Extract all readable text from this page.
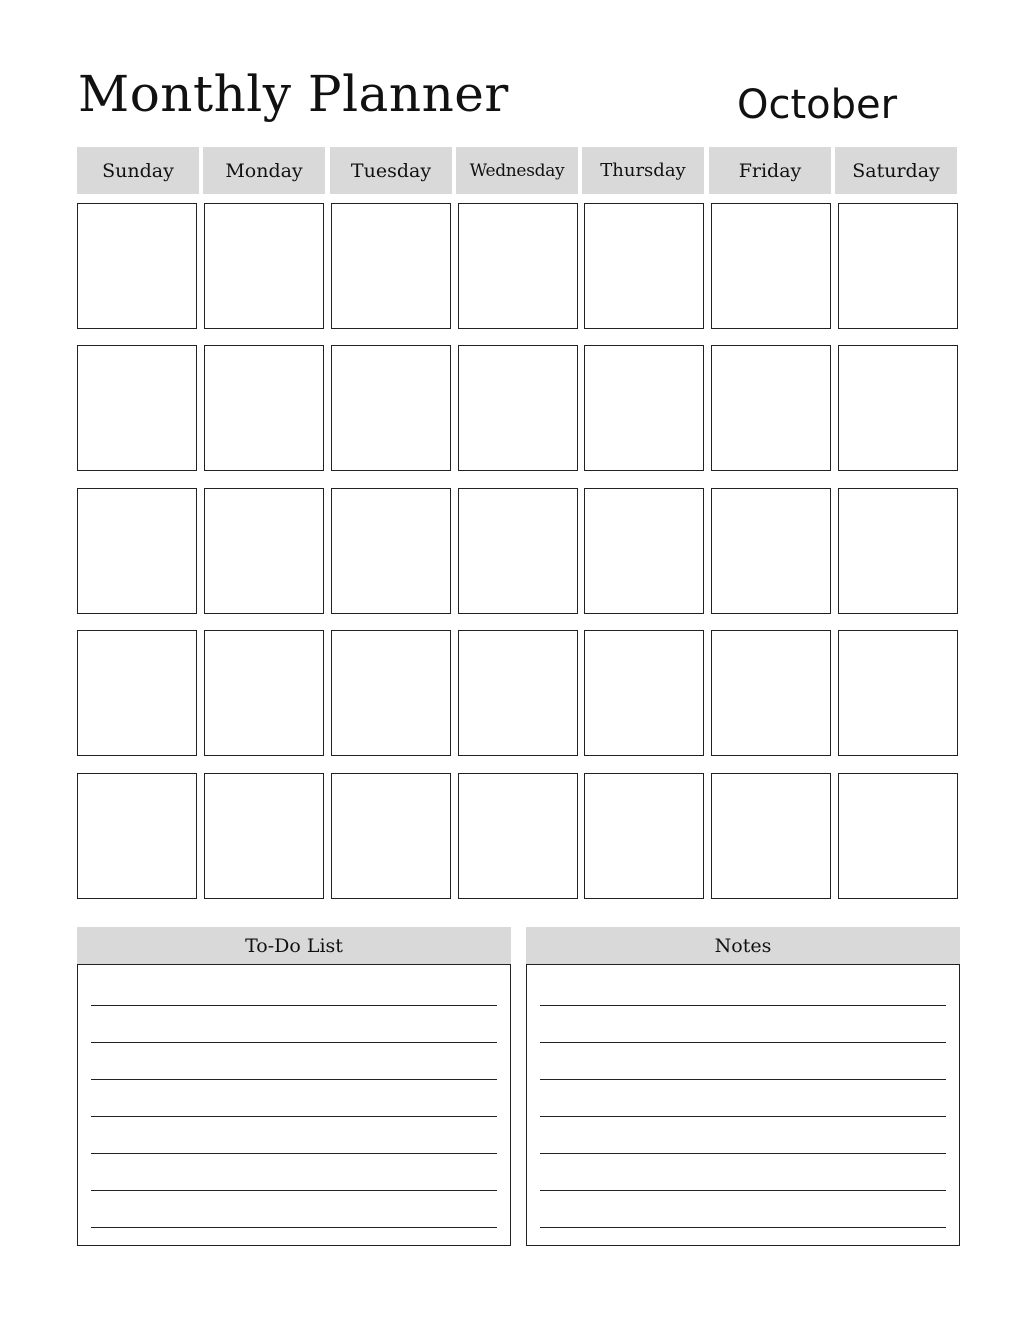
Monthly Planner	October
Sunday	Monday	Tuesday	Wednesday	Thursday	Friday	Saturday
To-Do List	Notes
